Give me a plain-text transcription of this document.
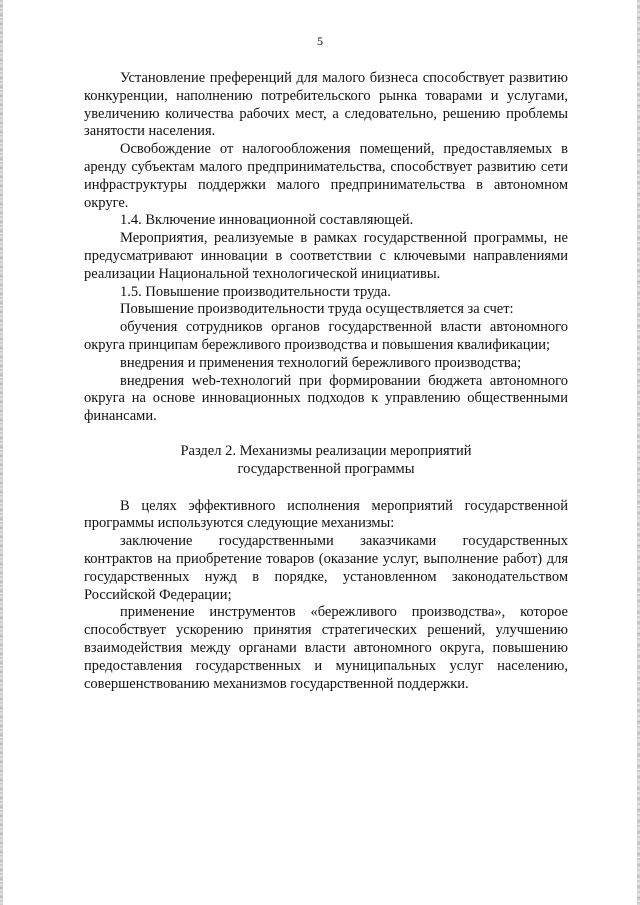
5

Установление преференций для малого бизнеса способствует развитию конкуренции, наполнению потребительского рынка товарами и услугами, увеличению количества рабочих мест, а следовательно, решению проблемы занятости населения.

Освобождение от налогообложения помещений, предоставляемых в аренду субъектам малого предпринимательства, способствует развитию сети инфраструктуры поддержки малого предпринимательства в автономном округе.

1.4. Включение инновационной составляющей.

Мероприятия, реализуемые в рамках государственной программы, не предусматривают инновации в соответствии с ключевыми направлениями реализации Национальной технологической инициативы.

1.5. Повышение производительности труда.

Повышение производительности труда осуществляется за счет:

обучения сотрудников органов государственной власти автономного округа принципам бережливого производства и повышения квалификации;

внедрения и применения технологий бережливого производства;

внедрения web-технологий при формировании бюджета автономного округа на основе инновационных подходов к управлению общественными финансами.

Раздел 2. Механизмы реализации мероприятий
государственной программы

В целях эффективного исполнения мероприятий государственной программы используются следующие механизмы:

заключение государственными заказчиками государственных контрактов на приобретение товаров (оказание услуг, выполнение работ) для государственных нужд в порядке, установленном законодательством Российской Федерации;

применение инструментов «бережливого производства», которое способствует ускорению принятия стратегических решений, улучшению взаимодействия между органами власти автономного округа, повышению предоставления государственных и муниципальных услуг населению, совершенствованию механизмов государственной поддержки.
